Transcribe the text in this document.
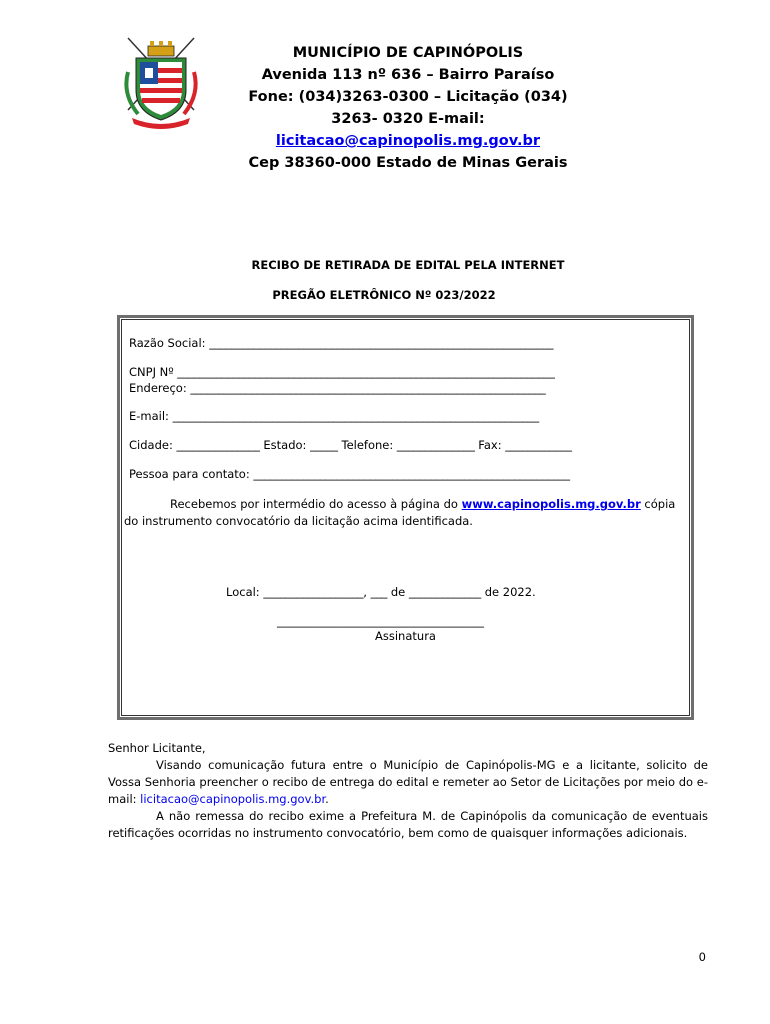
MUNICÍPIO DE CAPINÓPOLIS
Avenida 113 nº 636 – Bairro Paraíso
Fone: (034)3263-0300 – Licitação (034)
3263- 0320 E-mail:
licitacao@capinopolis.mg.gov.br
Cep 38360-000 Estado de Minas Gerais
RECIBO DE RETIRADA DE EDITAL PELA INTERNET
PREGÃO ELETRÔNICO Nº 023/2022
Razão Social: ______________________________________________________________
CNPJ Nº ____________________________________________________________________
Endereço: ________________________________________________________________
E-mail: __________________________________________________________________
Cidade: _______________ Estado: _____ Telefone: ______________ Fax: ____________
Pessoa para contato: _________________________________________________________
Recebemos por intermédio do acesso à página do www.capinopolis.mg.gov.br cópia
do instrumento convocatório da licitação acima identificada.
Local: __________________, ___ de _____________ de 2022.
____________________________________
Assinatura

Senhor Licitante,

Visando comunicação futura entre o Município de Capinópolis-MG e a licitante, solicito de Vossa Senhoria preencher o recibo de entrega do edital e remeter ao Setor de Licitações por meio do e-mail: licitacao@capinopolis.mg.gov.br.

A não remessa do recibo exime a Prefeitura M. de Capinópolis da comunicação de eventuais retificações ocorridas no instrumento convocatório, bem como de quaisquer informações adicionais.

0
